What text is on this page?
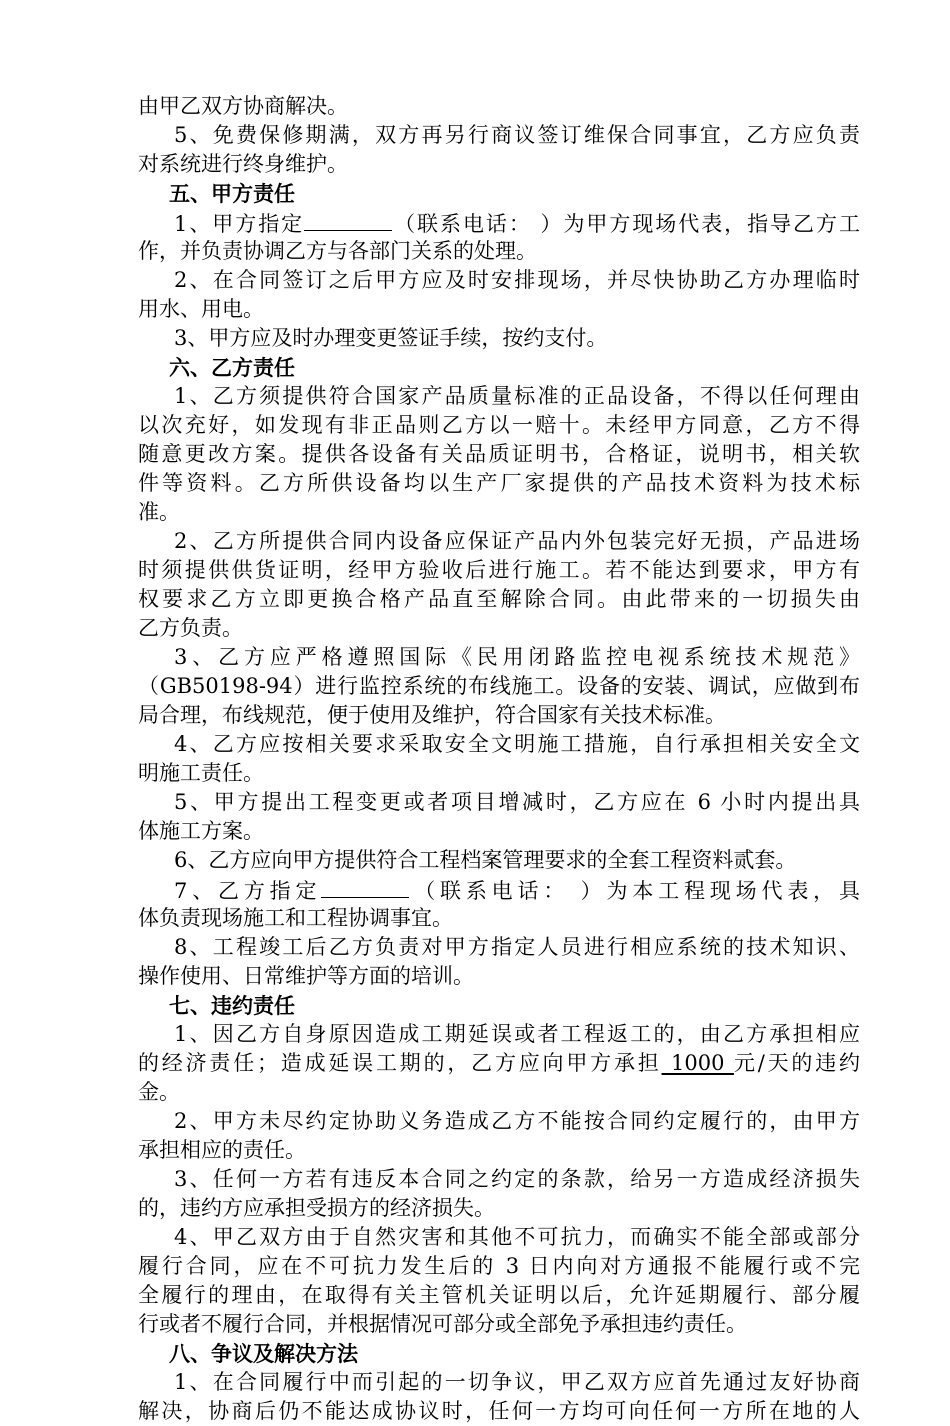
由甲乙双方协商解决。
5、免费保修期满，双方再另行商议签订维保合同事宜，乙方应负责
对系统进行终身维护。
五、甲方责任
1、甲方指定	（联系电话： ）为甲方现场代表，指导乙方工
作，并负责协调乙方与各部门关系的处理。
2、在合同签订之后甲方应及时安排现场，并尽快协助乙方办理临时
用水、用电。
3、甲方应及时办理变更签证手续，按约支付。
六、乙方责任
1、乙方须提供符合国家产品质量标准的正品设备，不得以任何理由
以次充好，如发现有非正品则乙方以一赔十。未经甲方同意，乙方不得
随意更改方案。提供各设备有关品质证明书，合格证，说明书，相关软
件等资料。乙方所供设备均以生产厂家提供的产品技术资料为技术标
准。
2、乙方所提供合同内设备应保证产品内外包装完好无损，产品进场
时须提供供货证明，经甲方验收后进行施工。若不能达到要求，甲方有
权要求乙方立即更换合格产品直至解除合同。由此带来的一切损失由
乙方负责。
3、乙方应严格遵照国际《民用闭路监控电视系统技术规范》
（GB50198-94）进行监控系统的布线施工。设备的安装、调试，应做到布
局合理，布线规范，便于使用及维护，符合国家有关技术标准。
4、乙方应按相关要求采取安全文明施工措施，自行承担相关安全文
明施工责任。
5、甲方提出工程变更或者项目增减时，乙方应在 6 小时内提出具
体施工方案。
6、乙方应向甲方提供符合工程档案管理要求的全套工程资料贰套。
7、乙方指定	（联系电话： ）为本工程现场代表，具
体负责现场施工和工程协调事宜。
8、工程竣工后乙方负责对甲方指定人员进行相应系统的技术知识、
操作使用、日常维护等方面的培训。
七、违约责任
1、因乙方自身原因造成工期延误或者工程返工的，由乙方承担相应
的经济责任；造成延误工期的，乙方应向甲方承担 1000 元/天的违约
金。
2、甲方未尽约定协助义务造成乙方不能按合同约定履行的，由甲方
承担相应的责任。
3、任何一方若有违反本合同之约定的条款，给另一方造成经济损失
的，违约方应承担受损方的经济损失。
4、甲乙双方由于自然灾害和其他不可抗力，而确实不能全部或部分
履行合同，应在不可抗力发生后的 3 日内向对方通报不能履行或不完
全履行的理由，在取得有关主管机关证明以后，允许延期履行、部分履
行或者不履行合同，并根据情况可部分或全部免予承担违约责任。
八、争议及解决方法
1、在合同履行中而引起的一切争议，甲乙双方应首先通过友好协商
解决，协商后仍不能达成协议时，任何一方均可向任何一方所在地的人
